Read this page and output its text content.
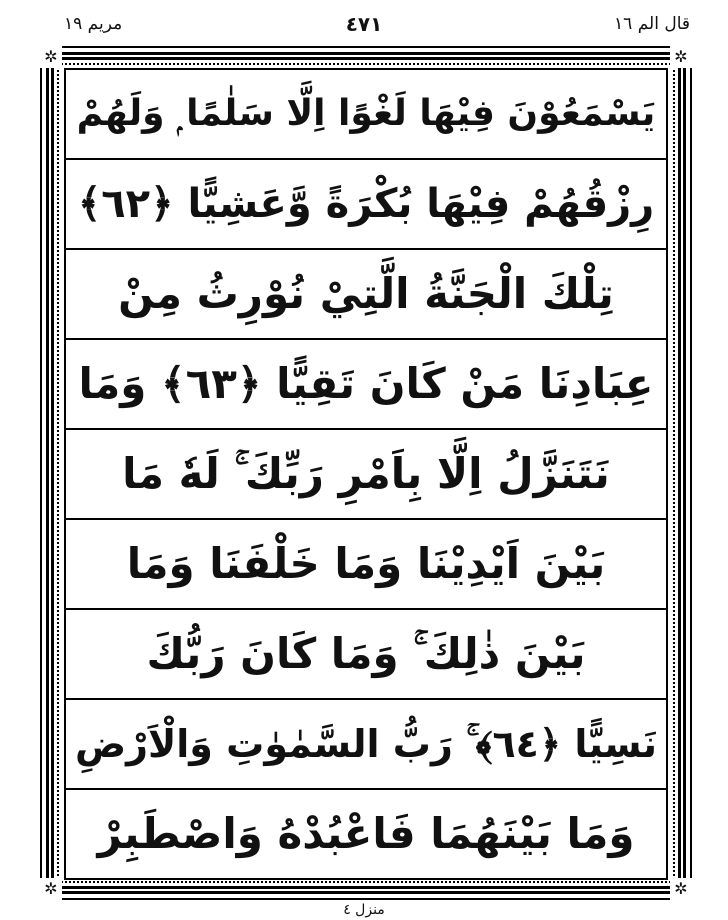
قال الم ١٦
٤٧١
مريم ١٩
✲	✲
✲	✲
يَسْمَعُوْنَ فِيْهَا لَغْوًا اِلَّا سَلٰمًا ۭ وَلَهُمْ
رِزْقُهُمْ فِيْهَا بُكْرَةً وَّعَشِيًّا ﴿٦٢﴾
تِلْكَ الْجَنَّةُ الَّتِيْ نُوْرِثُ مِنْ
عِبَادِنَا مَنْ كَانَ تَقِيًّا ﴿٦٣﴾ وَمَا
نَتَنَزَّلُ اِلَّا بِاَمْرِ رَبِّكَ ۚ لَهٗ مَا
بَيْنَ اَيْدِيْنَا وَمَا خَلْفَنَا وَمَا
بَيْنَ ذٰلِكَ ۚ وَمَا كَانَ رَبُّكَ
نَسِيًّا ﴿٦٤﴾ ۚ رَبُّ السَّمٰوٰتِ وَالْاَرْضِ
وَمَا بَيْنَهُمَا فَاعْبُدْهُ وَاصْطَبِرْ
منزل ٤
